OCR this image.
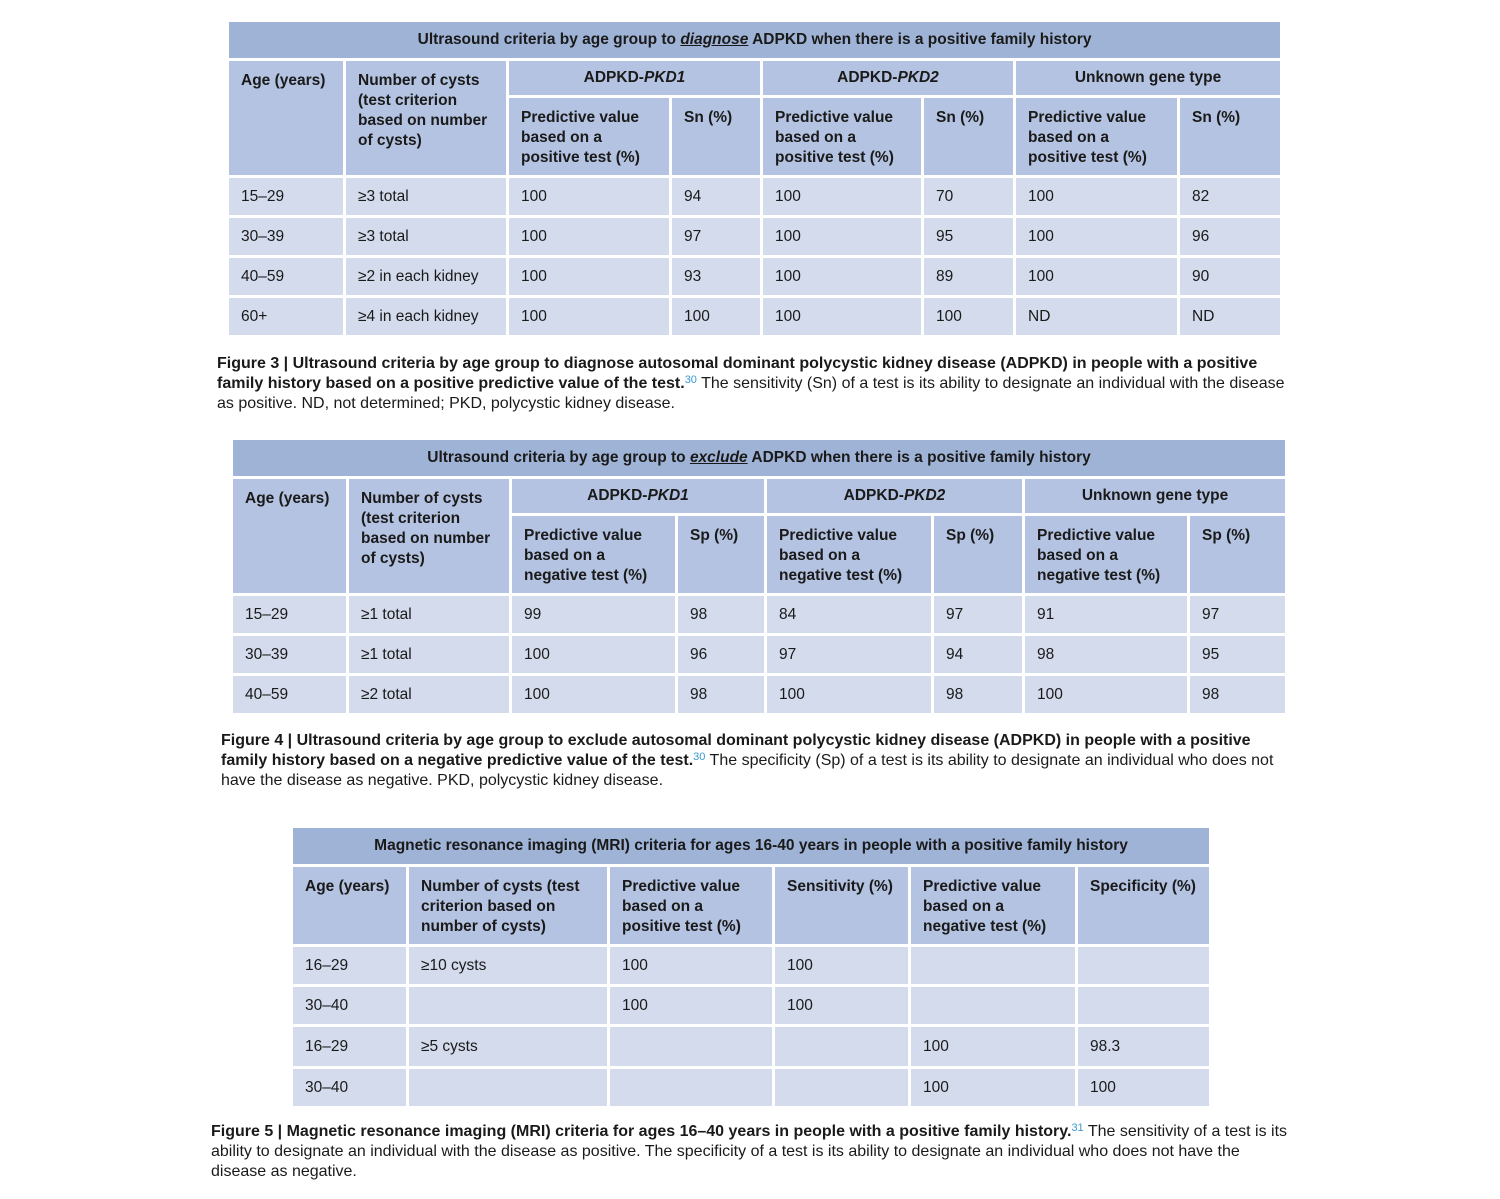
Ultrasound criteria by age group to diagnose ADPKD when there is a positive family history							
Age (years)	Number of cysts (test criterion based on number of cysts)	ADPKD-PKD1		ADPKD-PKD2		Unknown gene type	
		Predictive value based on a positive test (%)	Sn (%)	Predictive value based on a positive test (%)	Sn (%)	Predictive value based on a positive test (%)	Sn (%)
15–29	≥3 total	100	94	100	70	100	82
30–39	≥3 total	100	97	100	95	100	96
40–59	≥2 in each kidney	100	93	100	89	100	90
60+	≥4 in each kidney	100	100	100	100	ND	ND
Figure 3 | Ultrasound criteria by age group to diagnose autosomal dominant polycystic kidney disease (ADPKD) in people with a positive family history based on a positive predictive value of the test.$^{30}$ The sensitivity (Sn) of a test is its ability to designate an individual with the disease as positive. ND, not determined; PKD, polycystic kidney disease.
Ultrasound criteria by age group to exclude ADPKD when there is a positive family history							
Age (years)	Number of cysts (test criterion based on number of cysts)	ADPKD-PKD1		ADPKD-PKD2		Unknown gene type	
		Predictive value based on a negative test (%)	Sp (%)	Predictive value based on a negative test (%)	Sp (%)	Predictive value based on a negative test (%)	Sp (%)
15–29	≥1 total	99	98	84	97	91	97
30–39	≥1 total	100	96	97	94	98	95
40–59	≥2 total	100	98	100	98	100	98
Figure 4 | Ultrasound criteria by age group to exclude autosomal dominant polycystic kidney disease (ADPKD) in people with a positive family history based on a negative predictive value of the test.$^{30}$ The specificity (Sp) of a test is its ability to designate an individual who does not have the disease as negative. PKD, polycystic kidney disease.
Magnetic resonance imaging (MRI) criteria for ages 16-40 years in people with a positive family history					
Age (years)	Number of cysts (test criterion based on number of cysts)	Predictive value based on a positive test (%)	Sensitivity (%)	Predictive value based on a negative test (%)	Specificity (%)
16–29	≥10 cysts	100	100		
30–40		100	100		
16–29	≥5 cysts			100	98.3
30–40				100	100
Figure 5 | Magnetic resonance imaging (MRI) criteria for ages 16–40 years in people with a positive family history.$^{31}$ The sensitivity of a test is its ability to designate an individual with the disease as positive. The specificity of a test is its ability to designate an individual who does not have the disease as negative.
